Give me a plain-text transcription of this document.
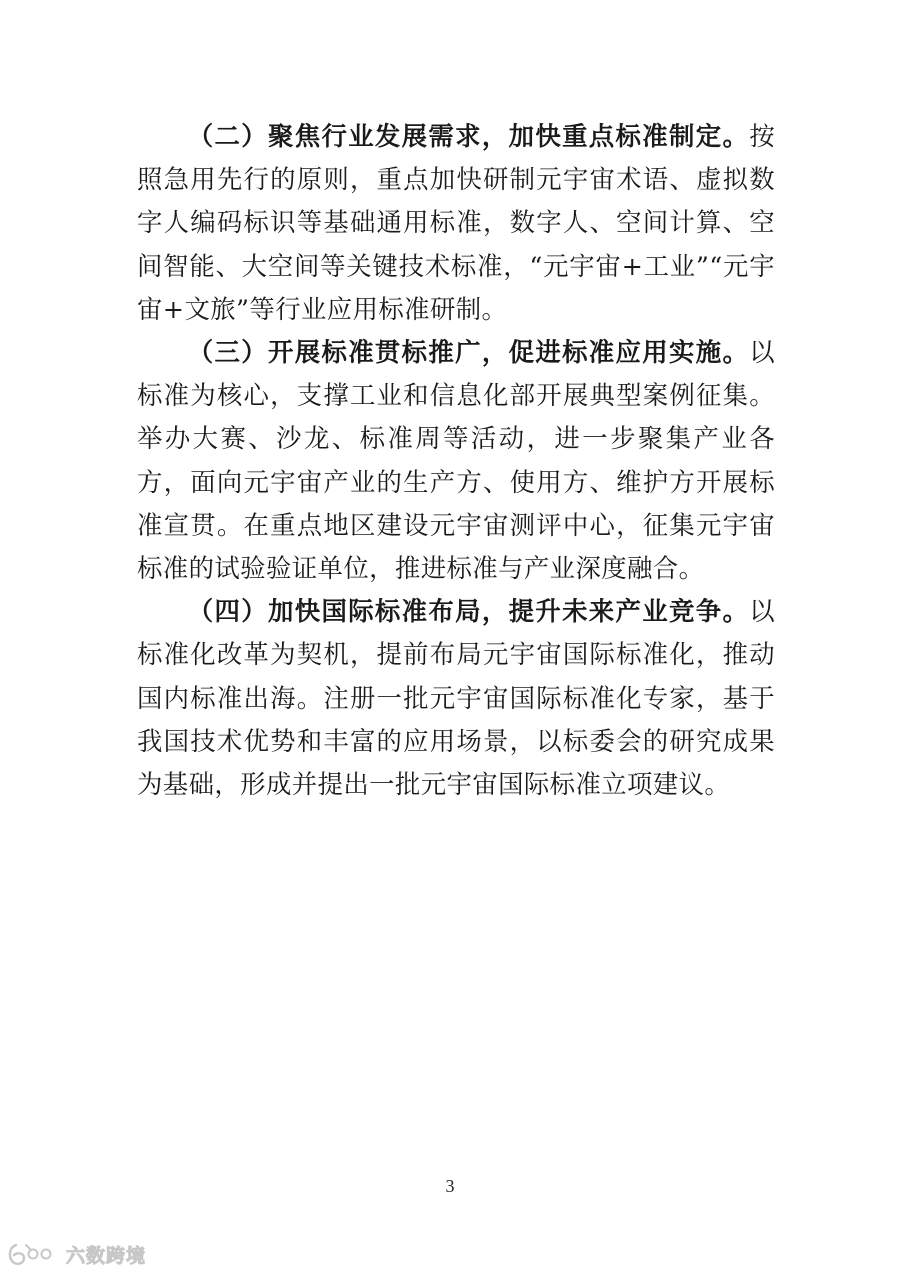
（二）聚焦行业发展需求，加快重点标准制定。按照急用先行的原则，重点加快研制元宇宙术语、虚拟数字人编码标识等基础通用标准，数字人、空间计算、空间智能、大空间等关键技术标准，“元宇宙+工业”“元宇宙+文旅”等行业应用标准研制。

（三）开展标准贯标推广，促进标准应用实施。以标准为核心，支撑工业和信息化部开展典型案例征集。举办大赛、沙龙、标准周等活动，进一步聚集产业各方，面向元宇宙产业的生产方、使用方、维护方开展标准宣贯。在重点地区建设元宇宙测评中心，征集元宇宙标准的试验验证单位，推进标准与产业深度融合。

（四）加快国际标准布局，提升未来产业竞争。以标准化改革为契机，提前布局元宇宙国际标准化，推动国内标准出海。注册一批元宇宙国际标准化专家，基于我国技术优势和丰富的应用场景，以标委会的研究成果为基础，形成并提出一批元宇宙国际标准立项建议。

3
六数跨境
